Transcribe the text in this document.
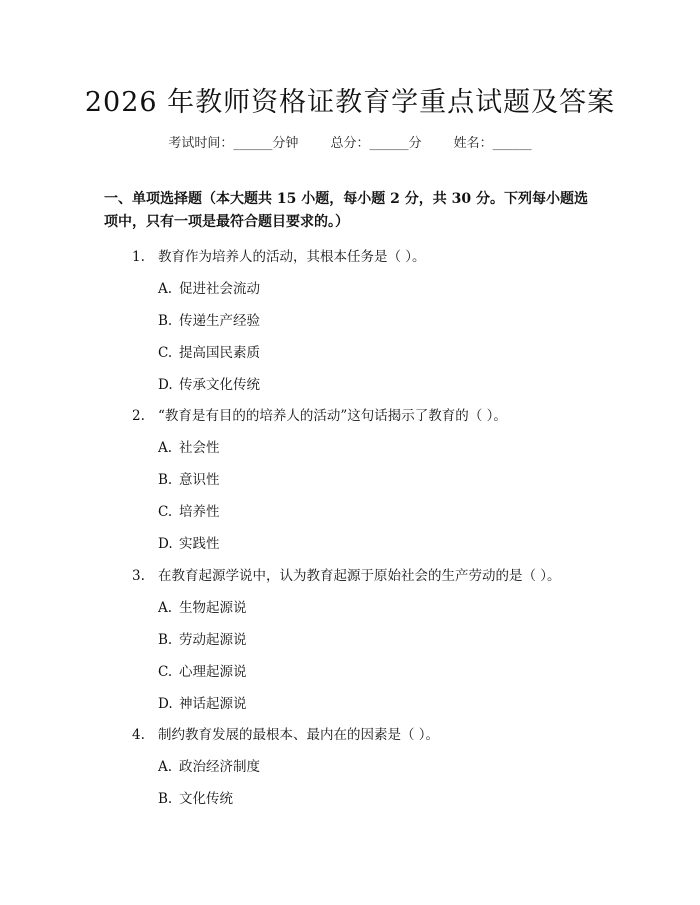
2026 年教师资格证教育学重点试题及答案
考试时间：______分钟 总分：______分 姓名：______

一、单项选择题（本大题共 15 小题，每小题 2 分，共 30 分。下列每小题选项中，只有一项是最符合题目要求的。）

1. 教育作为培养人的活动，其根本任务是（ ）。
A. 促进社会流动
B. 传递生产经验
C. 提高国民素质
D. 传承文化传统
2. “教育是有目的的培养人的活动”这句话揭示了教育的（ ）。
A. 社会性
B. 意识性
C. 培养性
D. 实践性
3. 在教育起源学说中，认为教育起源于原始社会的生产劳动的是（ ）。
A. 生物起源说
B. 劳动起源说
C. 心理起源说
D. 神话起源说
4. 制约教育发展的最根本、最内在的因素是（ ）。
A. 政治经济制度
B. 文化传统
